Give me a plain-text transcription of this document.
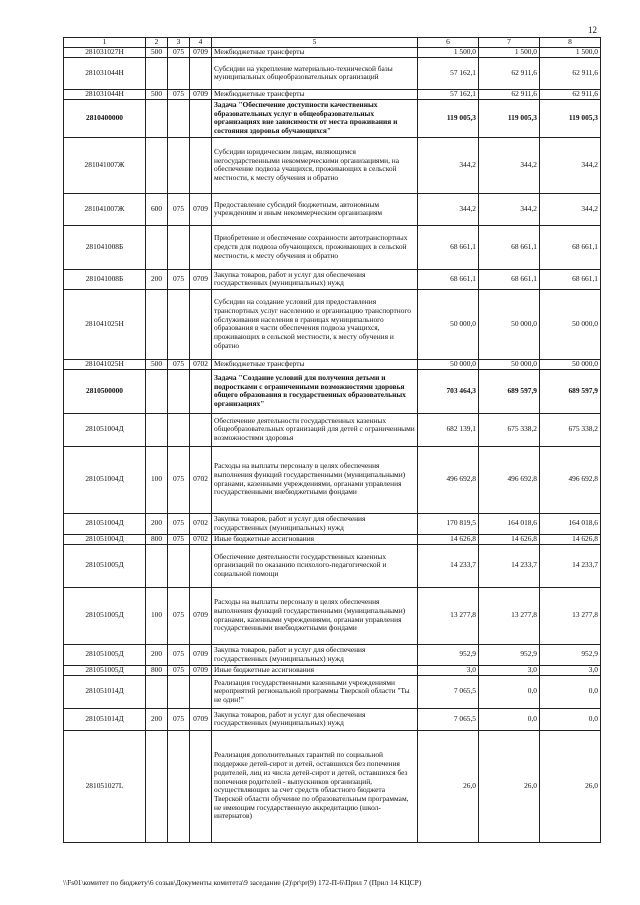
12
1	2	3	4	5	6	7	8
281031027Н	500	075	0709	Межбюджетные трансферты	1 500,0	1 500,0	1 500,0
281031044Н				Субсидии на укрепление материально-технической базы муниципальных общеобразовательных организаций	57 162,1	62 911,6	62 911,6
281031044Н	500	075	0709	Межбюджетные трансферты	57 162,1	62 911,6	62 911,6
2810400000				Задача "Обеспечение доступности качественных образовательных услуг в общеобразовательных организациях вне зависимости от места проживания и состояния здоровья обучающихся"	119 005,3	119 005,3	119 005,3
281041007Ж				Субсидии юридическим лицам, являющимся негосударственными некоммерческими организациями, на обеспечение подвоза учащихся, проживающих в сельской местности, к месту обучения и обратно	344,2	344,2	344,2
281041007Ж	600	075	0709	Предоставление субсидий бюджетным, автономным учреждениям и иным некоммерческим организациям	344,2	344,2	344,2
281041008Б				Приобретение и обеспечение сохранности автотранспортных средств для подвоза обучающихся, проживающих в сельской местности, к месту обучения и обратно	68 661,1	68 661,1	68 661,1
281041008Б	200	075	0709	Закупка товаров, работ и услуг для обеспечения государственных (муниципальных) нужд	68 661,1	68 661,1	68 661,1
281041025Н				Субсидии на создание условий для предоставления транспортных услуг населению и организацию транспортного обслуживания населения в границах муниципального образования в части обеспечения подвоза учащихся, проживающих в сельской местности, к месту обучения и обратно	50 000,0	50 000,0	50 000,0
281041025Н	500	075	0702	Межбюджетные трансферты	50 000,0	50 000,0	50 000,0
2810500000				Задача "Создание условий для получения детьми и подростками с ограниченными возможностями здоровья общего образования в государственных образовательных организациях"	703 464,3	689 597,9	689 597,9
281051004Д				Обеспечение деятельности государственных казенных общеобразовательных организаций для детей с ограниченными возможностями здоровья	682 139,1	675 338,2	675 338,2
281051004Д	100	075	0702	Расходы на выплаты персоналу в целях обеспечения выполнения функций государственными (муниципальными) органами, казенными учреждениями, органами управления государственными внебюджетными фондами	496 692,8	496 692,8	496 692,8
281051004Д	200	075	0702	Закупка товаров, работ и услуг для обеспечения государственных (муниципальных) нужд	170 819,5	164 018,6	164 018,6
281051004Д	800	075	0702	Иные бюджетные ассигнования	14 626,8	14 626,8	14 626,8
281051005Д				Обеспечение деятельности государственных казенных организаций по оказанию психолого-педагогической и социальной помощи	14 233,7	14 233,7	14 233,7
281051005Д	100	075	0709	Расходы на выплаты персоналу в целях обеспечения выполнения функций государственными (муниципальными) органами, казенными учреждениями, органами управления государственными внебюджетными фондами	13 277,8	13 277,8	13 277,8
281051005Д	200	075	0709	Закупка товаров, работ и услуг для обеспечения государственных (муниципальных) нужд	952,9	952,9	952,9
281051005Д	800	075	0709	Иные бюджетные ассигнования	3,0	3,0	3,0
281051014Д				Реализация государственными казенными учреждениями мероприятий региональной программы Тверской области "Ты не один!"	7 065,5	0,0	0,0
281051014Д	200	075	0709	Закупка товаров, работ и услуг для обеспечения государственных (муниципальных) нужд	7 065,5	0,0	0,0
281051027L				Реализация дополнительных гарантий по социальной поддержке детей-сирот и детей, оставшихся без попечения родителей, лиц из числа детей-сирот и детей, оставшихся без попечения родителей - выпускников организаций, осуществляющих за счет средств областного бюджета Тверской области обучение по образовательным программам, не имеющим государственную аккредитацию (школ-интернатов)	26,0	26,0	26,0
\\Fs01\комитет по бюджету\6 созыв\Документы комитета\9 заседание (2)\pr\pr(9) 172-П-6\Прил 7 (Прил 14 КЦСР)
